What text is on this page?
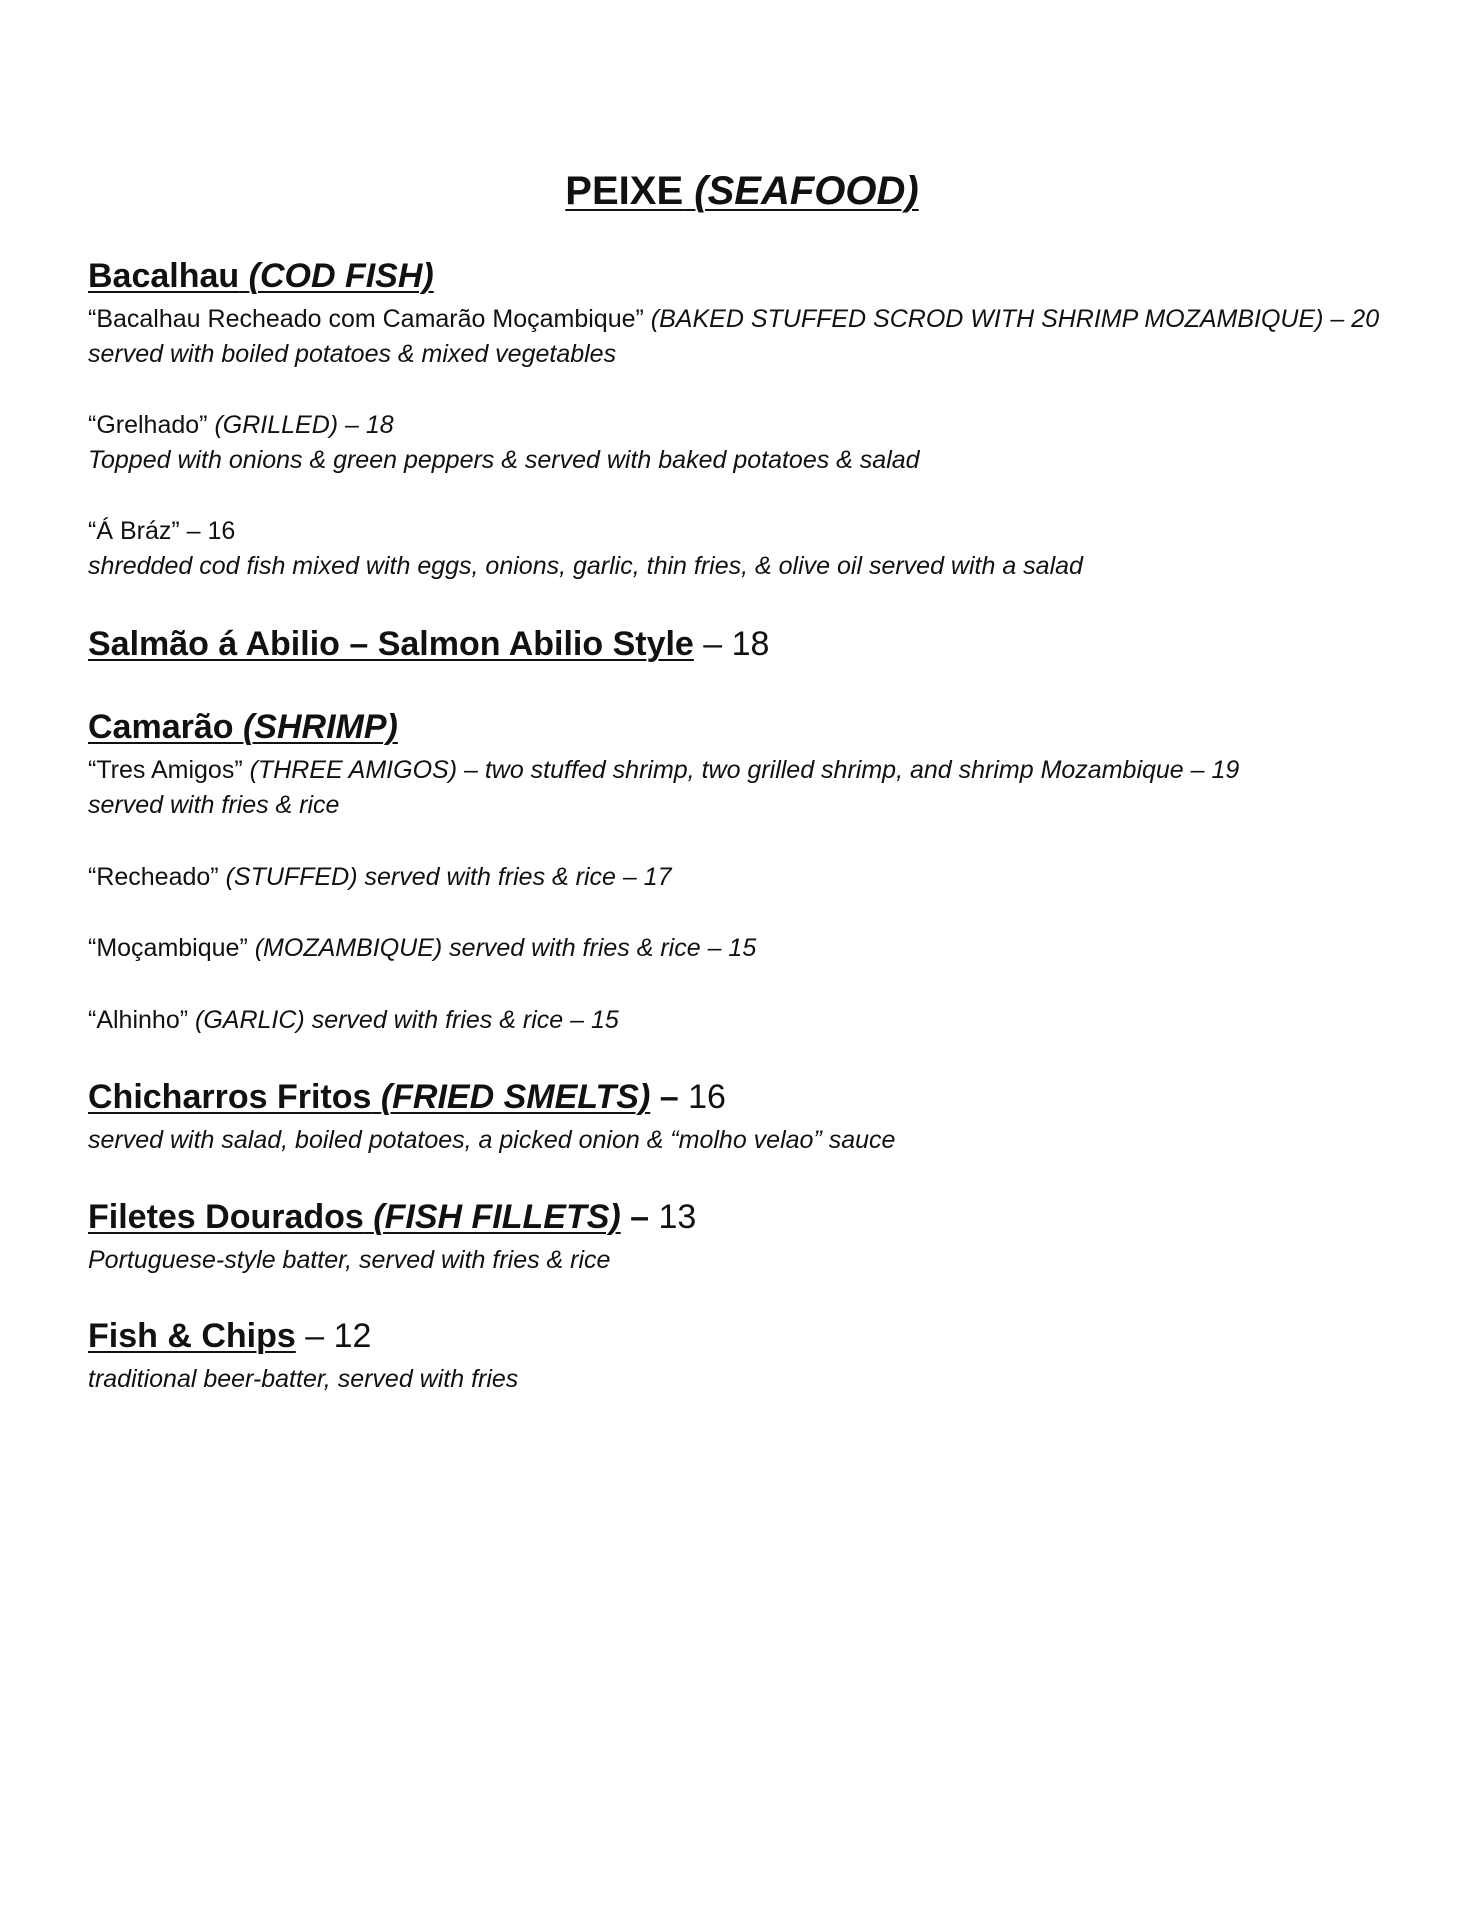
PEIXE (SEAFOOD)
Bacalhau (COD FISH)
“Bacalhau Recheado com Camarão Moçambique” (BAKED STUFFED SCROD WITH SHRIMP MOZAMBIQUE) – 20
served with boiled potatoes & mixed vegetables
“Grelhado” (GRILLED) – 18
Topped with onions & green peppers & served with baked potatoes & salad
“Á Bráz” – 16
shredded cod fish mixed with eggs, onions, garlic, thin fries, & olive oil served with a salad
Salmão á Abilio – Salmon Abilio Style – 18
Camarão (SHRIMP)
“Tres Amigos” (THREE AMIGOS) – two stuffed shrimp, two grilled shrimp, and shrimp Mozambique – 19
served with fries & rice
“Recheado” (STUFFED) served with fries & rice – 17
“Moçambique” (MOZAMBIQUE) served with fries & rice – 15
“Alhinho” (GARLIC) served with fries & rice – 15
Chicharros Fritos (FRIED SMELTS) – 16
served with salad, boiled potatoes, a picked onion & “molho velao” sauce
Filetes Dourados (FISH FILLETS) – 13
Portuguese-style batter, served with fries & rice
Fish & Chips – 12
traditional beer-batter, served with fries
